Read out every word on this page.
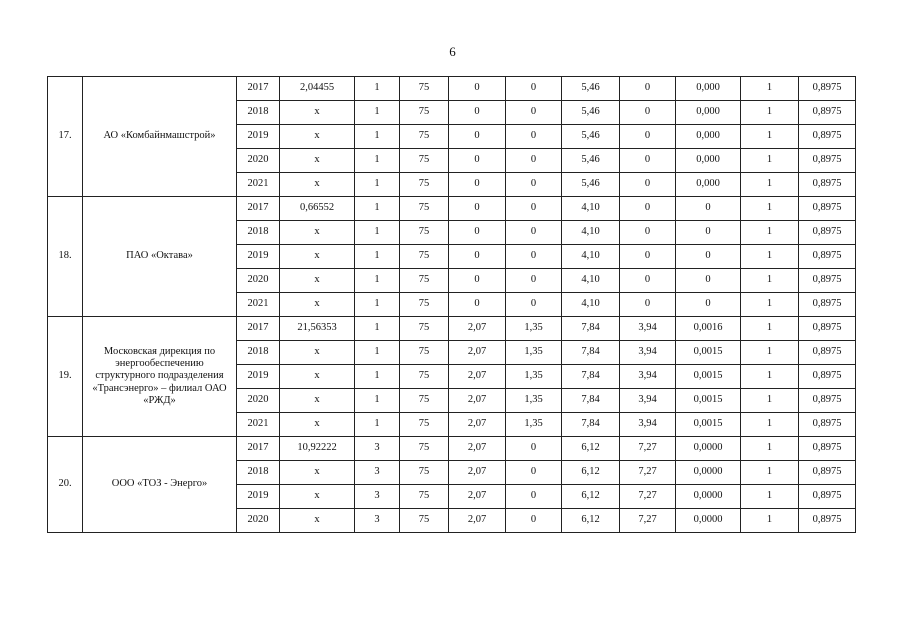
6
17.	АО «Комбайнмашстрой»	2017	2,04455	1	75	0	0	5,46	0	0,000	1	0,8975
		2018	х	1	75	0	0	5,46	0	0,000	1	0,8975
		2019	х	1	75	0	0	5,46	0	0,000	1	0,8975
		2020	х	1	75	0	0	5,46	0	0,000	1	0,8975
		2021	х	1	75	0	0	5,46	0	0,000	1	0,8975
18.	ПАО «Октава»	2017	0,66552	1	75	0	0	4,10	0	0	1	0,8975
		2018	х	1	75	0	0	4,10	0	0	1	0,8975
		2019	х	1	75	0	0	4,10	0	0	1	0,8975
		2020	х	1	75	0	0	4,10	0	0	1	0,8975
		2021	х	1	75	0	0	4,10	0	0	1	0,8975
19.	Московская дирекция по энергообеспечению структурного подразделения «Трансэнерго» – филиал ОАО «РЖД»	2017	21,56353	1	75	2,07	1,35	7,84	3,94	0,0016	1	0,8975
		2018	х	1	75	2,07	1,35	7,84	3,94	0,0015	1	0,8975
		2019	х	1	75	2,07	1,35	7,84	3,94	0,0015	1	0,8975
		2020	х	1	75	2,07	1,35	7,84	3,94	0,0015	1	0,8975
		2021	х	1	75	2,07	1,35	7,84	3,94	0,0015	1	0,8975
20.	ООО «ТОЗ - Энерго»	2017	10,92222	3	75	2,07	0	6,12	7,27	0,0000	1	0,8975
		2018	х	3	75	2,07	0	6,12	7,27	0,0000	1	0,8975
		2019	х	3	75	2,07	0	6,12	7,27	0,0000	1	0,8975
		2020	х	3	75	2,07	0	6,12	7,27	0,0000	1	0,8975
